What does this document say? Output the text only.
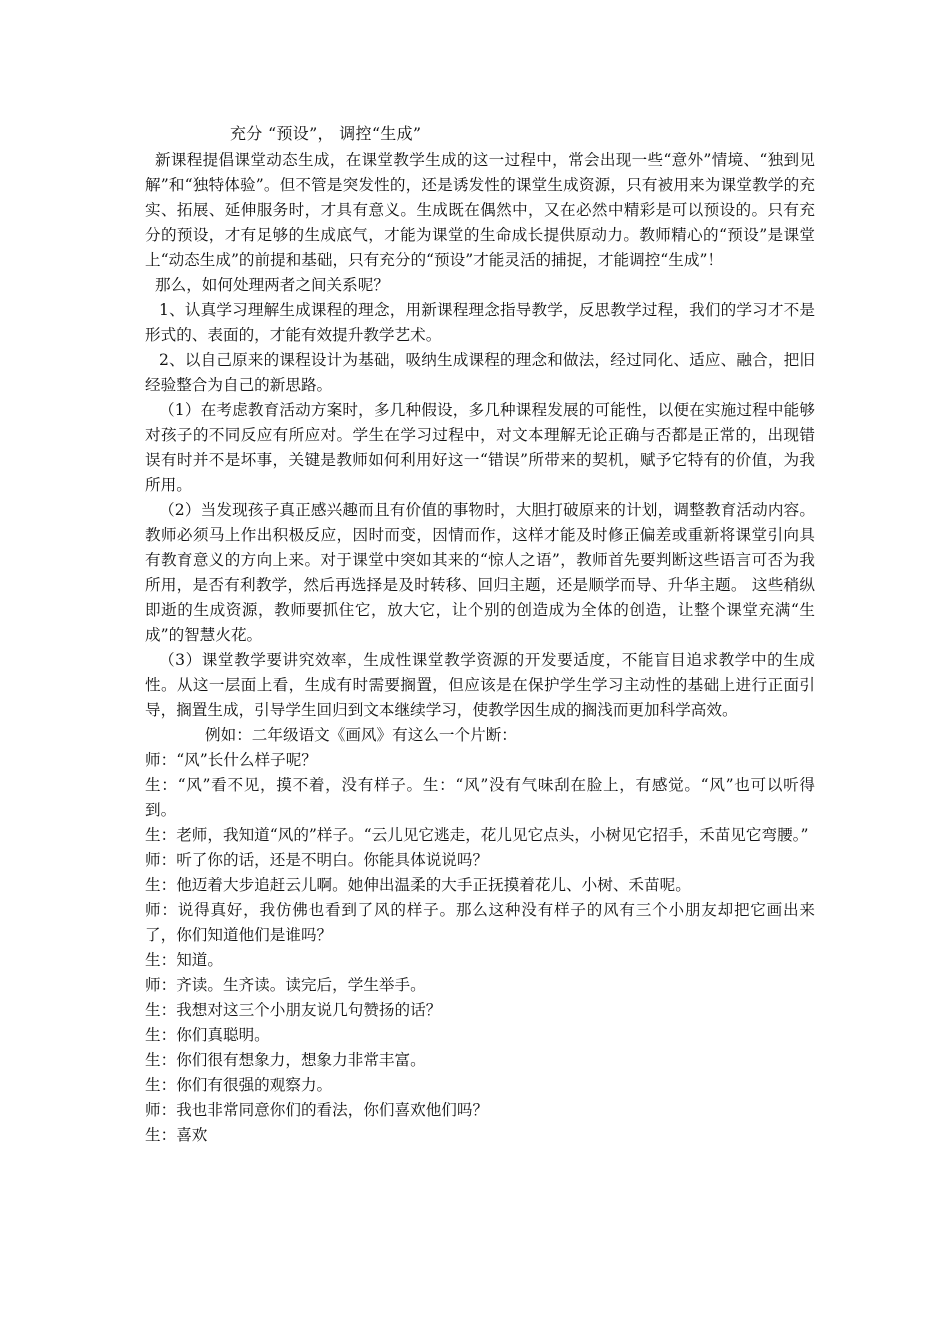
充分 “预设”， 调控“生成”

新课程提倡课堂动态生成，在课堂教学生成的这一过程中，常会出现一些“意外”情境、“独到见解”和“独特体验”。但不管是突发性的，还是诱发性的课堂生成资源，只有被用来为课堂教学的充实、拓展、延伸服务时，才具有意义。生成既在偶然中，又在必然中精彩是可以预设的。只有充分的预设，才有足够的生成底气，才能为课堂的生命成长提供原动力。教师精心的“预设”是课堂上“动态生成”的前提和基础，只有充分的“预设”才能灵活的捕捉，才能调控“生成”！

那么，如何处理两者之间关系呢？

1、认真学习理解生成课程的理念，用新课程理念指导教学，反思教学过程，我们的学习才不是形式的、表面的，才能有效提升教学艺术。

2、以自己原来的课程设计为基础，吸纳生成课程的理念和做法，经过同化、适应、融合，把旧经验整合为自己的新思路。

（1）在考虑教育活动方案时，多几种假设，多几种课程发展的可能性，以便在实施过程中能够对孩子的不同反应有所应对。学生在学习过程中，对文本理解无论正确与否都是正常的，出现错误有时并不是坏事，关键是教师如何利用好这一“错误”所带来的契机，赋予它特有的价值，为我所用。

（2）当发现孩子真正感兴趣而且有价值的事物时，大胆打破原来的计划，调整教育活动内容。教师必须马上作出积极反应，因时而变，因情而作，这样才能及时修正偏差或重新将课堂引向具有教育意义的方向上来。对于课堂中突如其来的“惊人之语”，教师首先要判断这些语言可否为我所用，是否有利教学，然后再选择是及时转移、回归主题，还是顺学而导、升华主题。 这些稍纵即逝的生成资源，教师要抓住它，放大它，让个别的创造成为全体的创造，让整个课堂充满“生成”的智慧火花。

（3）课堂教学要讲究效率，生成性课堂教学资源的开发要适度，不能盲目追求教学中的生成性。从这一层面上看，生成有时需要搁置，但应该是在保护学生学习主动性的基础上进行正面引导，搁置生成，引导学生回归到文本继续学习，使教学因生成的搁浅而更加科学高效。

例如：二年级语文《画风》有这么一个片断：

师：“风”长什么样子呢？

生：“风”看不见，摸不着，没有样子。生：“风”没有气味刮在脸上，有感觉。“风”也可以听得到。

生：老师，我知道“风的”样子。“云儿见它逃走，花儿见它点头，小树见它招手，禾苗见它弯腰。”

师：听了你的话，还是不明白。你能具体说说吗？

生：他迈着大步追赶云儿啊。她伸出温柔的大手正抚摸着花儿、小树、禾苗呢。

师：说得真好，我仿佛也看到了风的样子。那么这种没有样子的风有三个小朋友却把它画出来了，你们知道他们是谁吗？

生：知道。

师：齐读。生齐读。读完后，学生举手。

生：我想对这三个小朋友说几句赞扬的话？

生：你们真聪明。

生：你们很有想象力，想象力非常丰富。

生：你们有很强的观察力。

师：我也非常同意你们的看法，你们喜欢他们吗？

生：喜欢
